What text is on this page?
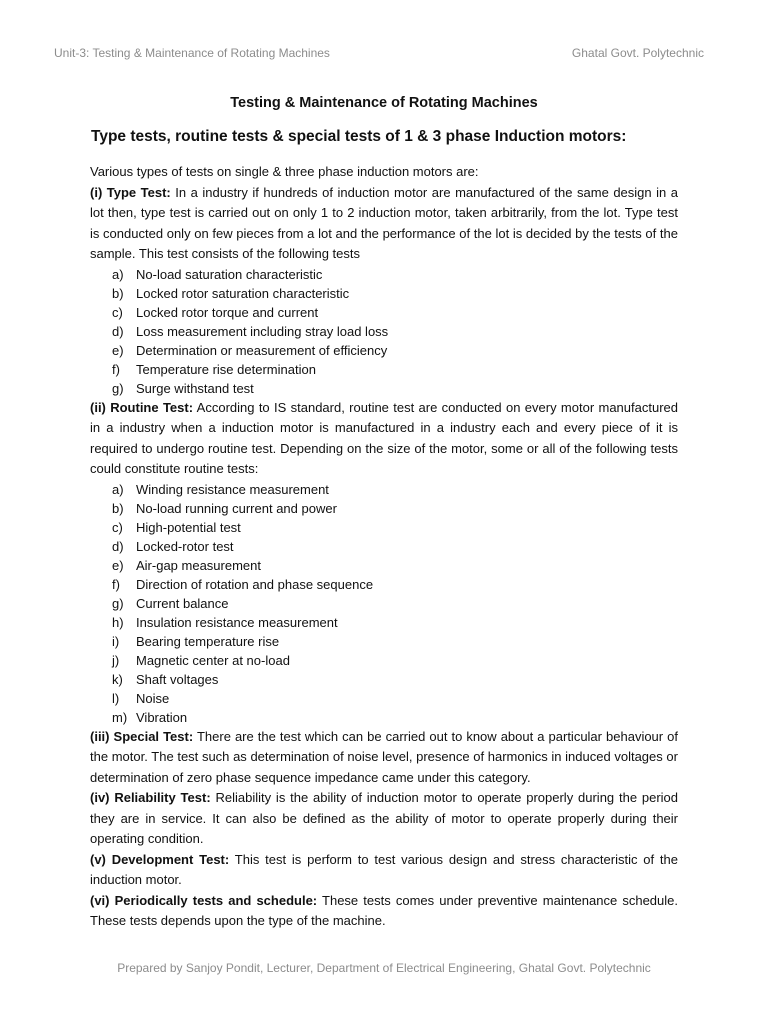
Unit-3: Testing & Maintenance of Rotating Machines	Ghatal Govt. Polytechnic
Testing & Maintenance of Rotating Machines
Type tests, routine tests & special tests of 1 & 3 phase Induction motors:

Various types of tests on single & three phase induction motors are:

(i) Type Test: In a industry if hundreds of induction motor are manufactured of the same design in a lot then, type test is carried out on only 1 to 2 induction motor, taken arbitrarily, from the lot. Type test is conducted only on few pieces from a lot and the performance of the lot is decided by the tests of the sample. This test consists of the following tests

a) No-load saturation characteristic
b) Locked rotor saturation characteristic
c)	Locked rotor torque and current
d) Loss measurement including stray load loss
e) Determination or measurement of efficiency
f)	Temperature rise determination
g) Surge withstand test

(ii) Routine Test: According to IS standard, routine test are conducted on every motor manufactured in a industry when a induction motor is manufactured in a industry each and every piece of it is required to undergo routine test. Depending on the size of the motor, some or all of the following tests could constitute routine tests:

a) Winding resistance measurement
b) No-load running current and power
c)	High-potential test
d) Locked-rotor test
e) Air-gap measurement
f)	Direction of rotation and phase sequence
g) Current balance
h) Insulation resistance measurement
i)	Bearing temperature rise
j)	Magnetic center at no-load
k)	Shaft voltages
l)	Noise
m) Vibration

(iii) Special Test: There are the test which can be carried out to know about a particular behaviour of the motor. The test such as determination of noise level, presence of harmonics in induced voltages or determination of zero phase sequence impedance came under this category.

(iv) Reliability Test: Reliability is the ability of induction motor to operate properly during the period they are in service. It can also be defined as the ability of motor to operate properly during their operating condition.

(v) Development Test: This test is perform to test various design and stress characteristic of the induction motor.

(vi) Periodically tests and schedule: These tests comes under preventive maintenance schedule. These tests depends upon the type of the machine.

Prepared by Sanjoy Pondit, Lecturer, Department of Electrical Engineering, Ghatal Govt. Polytechnic
